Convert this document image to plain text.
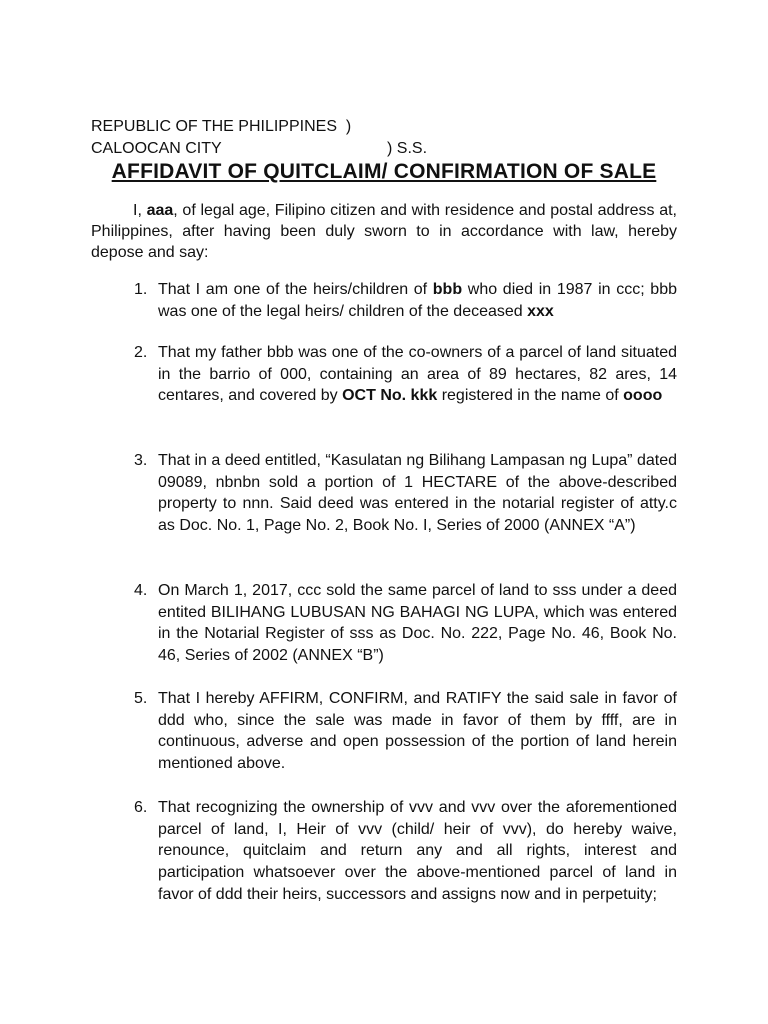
REPUBLIC OF THE PHILIPPINES  )
CALOOCAN CITY	) S.S.
AFFIDAVIT OF QUITCLAIM/ CONFIRMATION OF SALE
I, aaa, of legal age, Filipino citizen and with residence and postal address at, Philippines, after having been duly sworn to in accordance with law, hereby depose and say:
1. That I am one of the heirs/children of bbb who died in 1987 in ccc; bbb was one of the legal heirs/ children of the deceased xxx
2. That my father bbb was one of the co-owners of a parcel of land situated in the barrio of 000, containing an area of 89 hectares, 82 ares, 14 centares, and covered by OCT No. kkk registered in the name of oooo
3. That in a deed entitled, “Kasulatan ng Bilihang Lampasan ng Lupa” dated 09089, nbnbn sold a portion of 1 HECTARE of the above-described property to nnn. Said deed was entered in the notarial register of atty.c as Doc. No. 1, Page No. 2, Book No. I, Series of 2000 (ANNEX “A”)
4. On March 1, 2017, ccc sold the same parcel of land to sss under a deed entited BILIHANG LUBUSAN NG BAHAGI NG LUPA, which was entered in the Notarial Register of sss as Doc. No. 222, Page No. 46, Book No. 46, Series of 2002 (ANNEX “B”)
5. That I hereby AFFIRM, CONFIRM, and RATIFY the said sale in favor of ddd who, since the sale was made in favor of them by ffff, are in continuous, adverse and open possession of the portion of land herein mentioned above.
6. That recognizing the ownership of vvv and vvv over the aforementioned parcel of land, I, Heir of vvv (child/ heir of vvv), do hereby waive, renounce, quitclaim and return any and all rights, interest and participation whatsoever over the above-mentioned parcel of land in favor of ddd their heirs, successors and assigns now and in perpetuity;
